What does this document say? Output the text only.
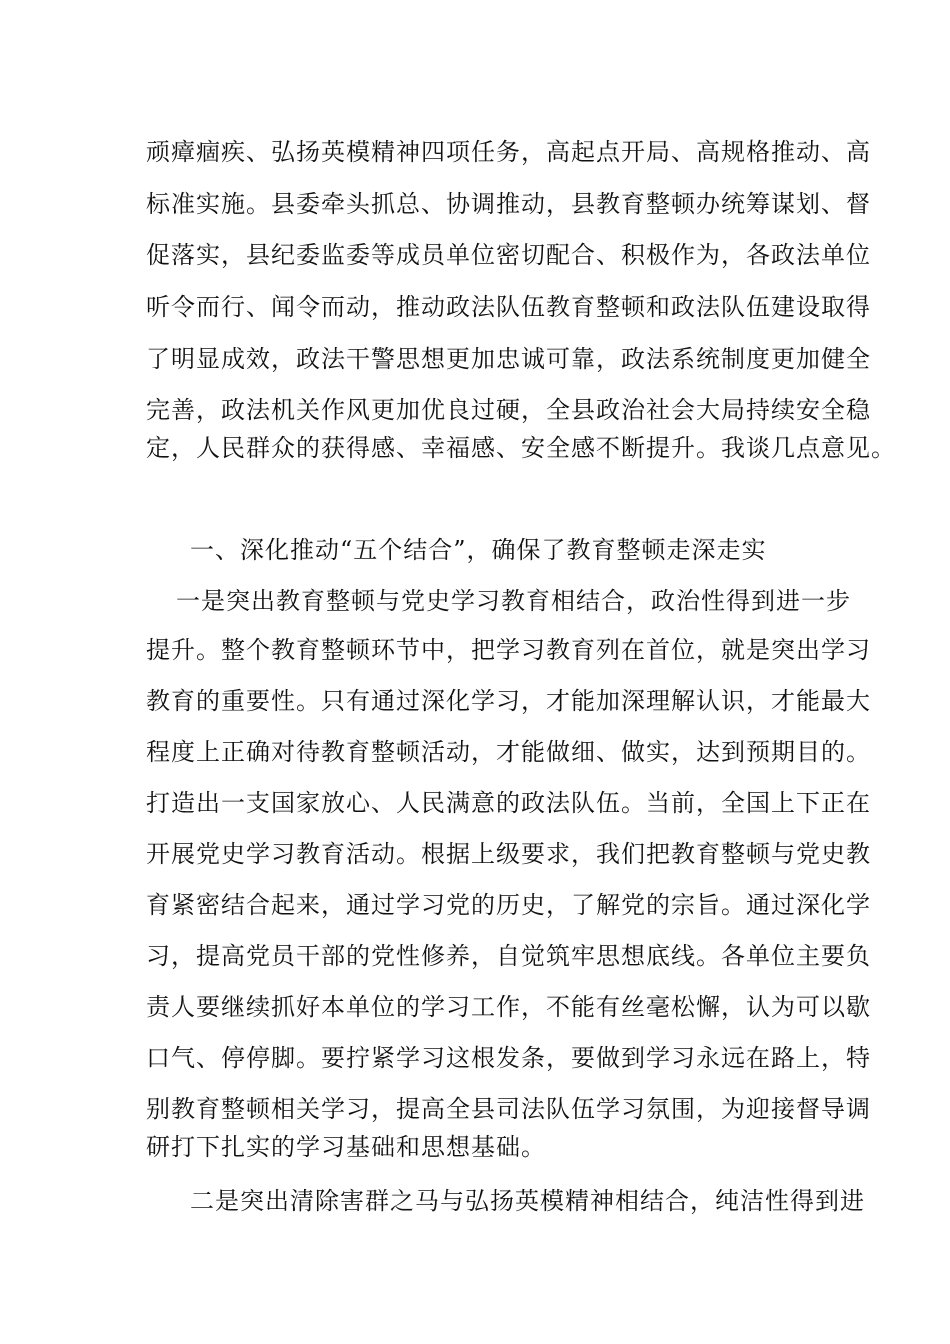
顽瘴痼疾、弘扬英模精神四项任务，高起点开局、高规格推动、高
标准实施。县委牵头抓总、协调推动，县教育整顿办统筹谋划、督
促落实，县纪委监委等成员单位密切配合、积极作为，各政法单位
听令而行、闻令而动，推动政法队伍教育整顿和政法队伍建设取得
了明显成效，政法干警思想更加忠诚可靠，政法系统制度更加健全
完善，政法机关作风更加优良过硬，全县政治社会大局持续安全稳
定，人民群众的获得感、幸福感、安全感不断提升。我谈几点意见。
一、深化推动“五个结合”，确保了教育整顿走深走实
一是突出教育整顿与党史学习教育相结合，政治性得到进一步
提升。整个教育整顿环节中，把学习教育列在首位，就是突出学习
教育的重要性。只有通过深化学习，才能加深理解认识，才能最大
程度上正确对待教育整顿活动，才能做细、做实，达到预期目的。
打造出一支国家放心、人民满意的政法队伍。当前，全国上下正在
开展党史学习教育活动。根据上级要求，我们把教育整顿与党史教
育紧密结合起来，通过学习党的历史，了解党的宗旨。通过深化学
习，提高党员干部的党性修养，自觉筑牢思想底线。各单位主要负
责人要继续抓好本单位的学习工作，不能有丝毫松懈，认为可以歇
口气、停停脚。要拧紧学习这根发条，要做到学习永远在路上，特
别教育整顿相关学习，提高全县司法队伍学习氛围，为迎接督导调
研打下扎实的学习基础和思想基础。
二是突出清除害群之马与弘扬英模精神相结合，纯洁性得到进
